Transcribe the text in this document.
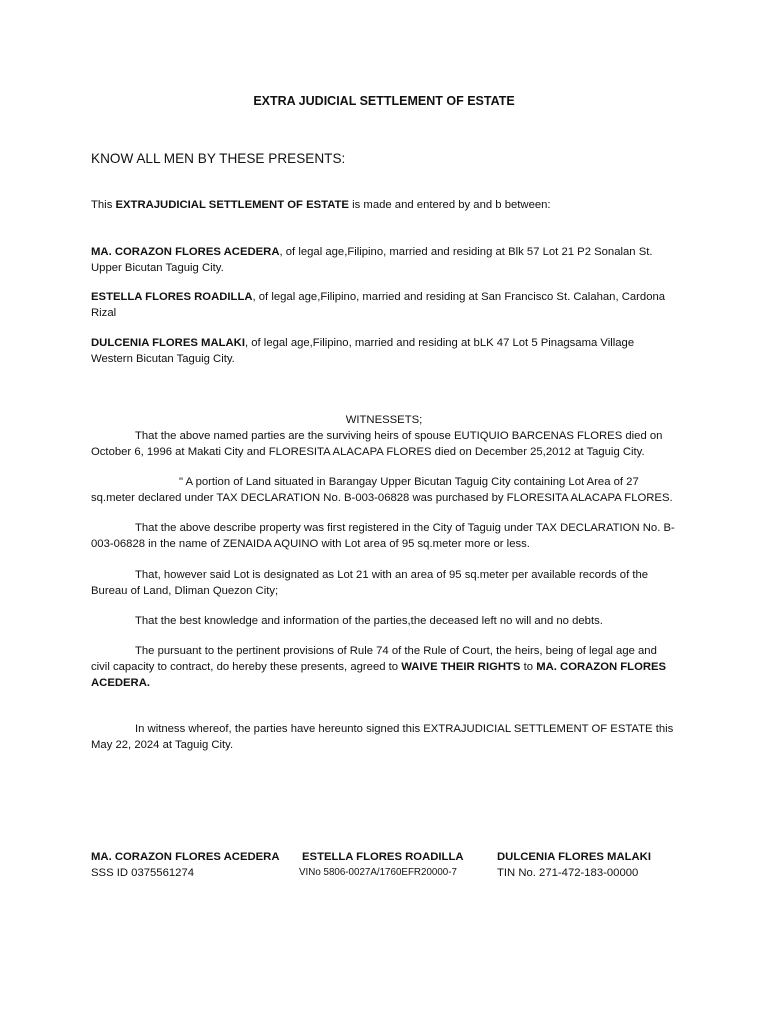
EXTRA JUDICIAL SETTLEMENT OF ESTATE
KNOW ALL MEN BY THESE PRESENTS:
This EXTRAJUDICIAL SETTLEMENT OF ESTATE is made and entered by and b between:
MA. CORAZON FLORES ACEDERA, of legal age,Filipino, married and residing at Blk 57 Lot 21 P2 Sonalan St. Upper Bicutan Taguig City.
ESTELLA FLORES ROADILLA, of legal age,Filipino, married and residing at San Francisco St. Calahan, Cardona Rizal
DULCENIA FLORES MALAKI, of legal age,Filipino, married and residing at bLK 47 Lot 5 Pinagsama Village Western Bicutan Taguig City.
WITNESSETS;
That the above named parties are the surviving heirs of spouse EUTIQUIO BARCENAS FLORES died on October 6, 1996 at Makati City and FLORESITA ALACAPA FLORES died on December 25,2012 at Taguig City.
" A portion of Land situated in Barangay Upper Bicutan Taguig City containing Lot Area of 27 sq.meter declared under TAX DECLARATION No. B-003-06828 was purchased by FLORESITA ALACAPA FLORES.
That the above describe property was first registered in the City of Taguig under TAX DECLARATION No. B-003-06828 in the name of ZENAIDA AQUINO with Lot area of 95 sq.meter more or less.
That, however said Lot is designated as Lot 21 with an area of 95 sq.meter per available records of the Bureau of Land, Dliman Quezon City;
That the best knowledge and information of the parties,the deceased left no will and no debts.
The pursuant to the pertinent provisions of Rule 74 of the Rule of Court, the heirs, being of legal age and civil capacity to contract, do hereby these presents, agreed to WAIVE THEIR RIGHTS to MA. CORAZON FLORES ACEDERA.
In witness whereof, the parties have hereunto signed this EXTRAJUDICIAL SETTLEMENT OF ESTATE this May 22, 2024 at Taguig City.
MA. CORAZON FLORES ACEDERA
SSS ID 0375561274
ESTELLA FLORES ROADILLA
VINo 5806-0027A/1760EFR20000-7
DULCENIA FLORES MALAKI
TIN No. 271-472-183-00000
